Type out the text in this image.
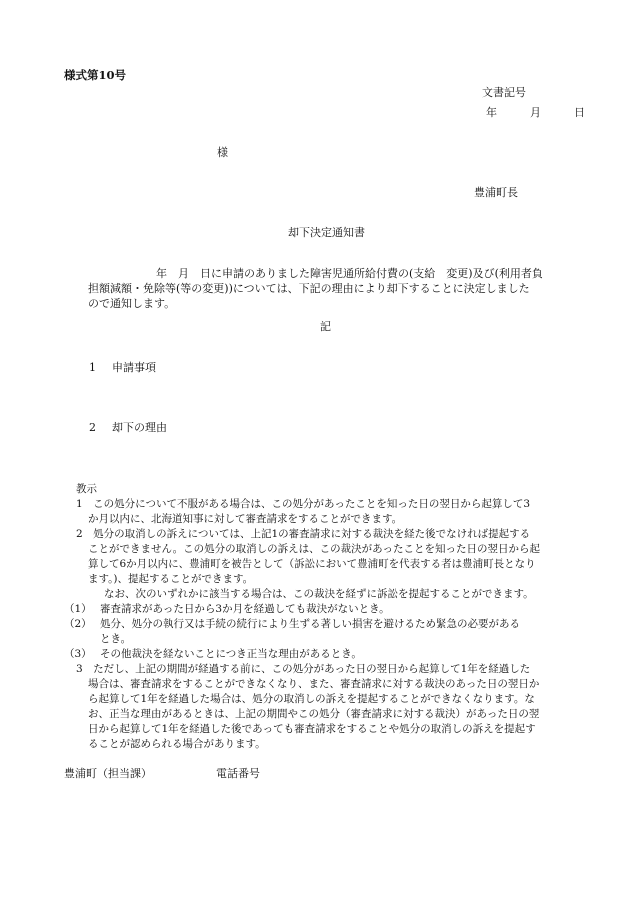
様式第10号
文書記号
年	月	日
様
豊浦町長
却下決定通知書
年　月　日に申請のありました障害児通所給付費の(支給　変更)及び(利用者負
担額減額・免除等(等の変更))については、下記の理由により却下することに決定しました
ので通知します。
記
1 申請事項
2 却下の理由
教示
1　この処分について不服がある場合は、この処分があったことを知った日の翌日から起算して3
か月以内に、北海道知事に対して審査請求をすることができます。
2　処分の取消しの訴えについては、上記1の審査請求に対する裁決を経た後でなければ提起する
ことができません。この処分の取消しの訴えは、この裁決があったことを知った日の翌日から起
算して6か月以内に、豊浦町を被告として（訴訟において豊浦町を代表する者は豊浦町長となり
ます。)、提起することができます。
なお、次のいずれかに該当する場合は、この裁決を経ずに訴訟を提起することができます。
（1） 審査請求があった日から3か月を経過しても裁決がないとき。
（2） 処分、処分の執行又は手続の続行により生ずる著しい損害を避けるため緊急の必要がある
とき。
（3） その他裁決を経ないことにつき正当な理由があるとき。
3　ただし、上記の期間が経過する前に、この処分があった日の翌日から起算して1年を経過した
場合は、審査請求をすることができなくなり、また、審査請求に対する裁決のあった日の翌日か
ら起算して1年を経過した場合は、処分の取消しの訴えを提起することができなくなります。な
お、正当な理由があるときは、上記の期間やこの処分（審査請求に対する裁決）があった日の翌
日から起算して1年を経過した後であっても審査請求をすることや処分の取消しの訴えを提起す
ることが認められる場合があります。
豊浦町（担当課）	電話番号
